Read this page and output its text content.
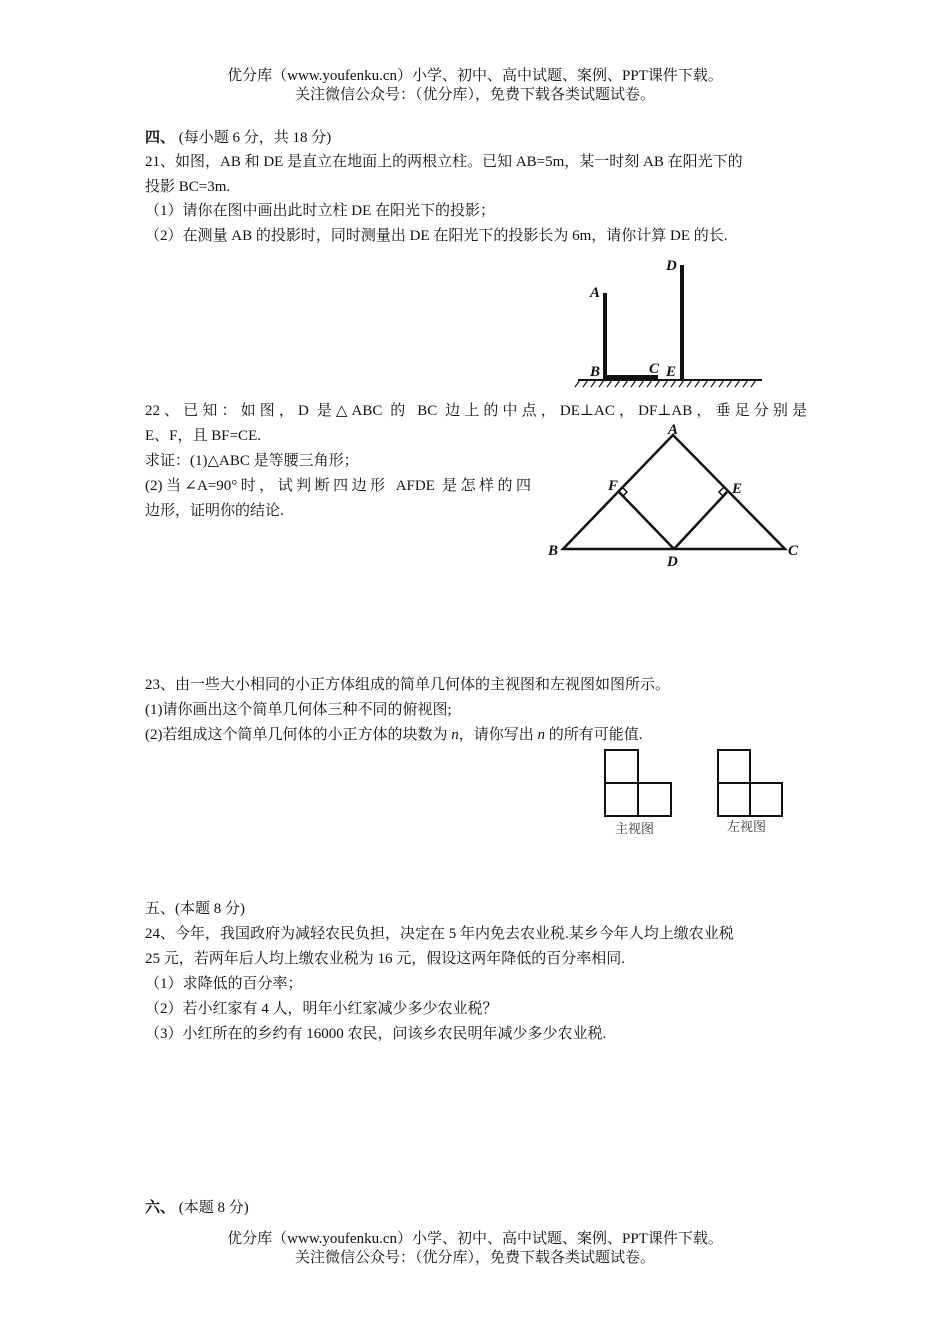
优分库（www.youfenku.cn）小学、初中、高中试题、案例、PPT课件下载。
关注微信公众号：（优分库），免费下载各类试题试卷。
四、 (每小题 6 分，共 18 分)
21、如图，AB 和 DE 是直立在地面上的两根立柱。已知 AB=5m，某一时刻 AB 在阳光下的
投影 BC=3m.
（1）请你在图中画出此时立柱 DE 在阳光下的投影；
（2）在测量 AB 的投影时，同时测量出 DE 在阳光下的投影长为 6m，请你计算 DE 的长.
A
B	C
D
E
22、已知：如图，D 是△ABC 的 BC 边上的中点，DE⊥AC，DF⊥AB，垂足分别是
E、F，且 BF=CE.
求证：(1)△ABC 是等腰三角形；
(2)当∠A=90°时，试判断四边形 AFDE 是怎样的四
边形，证明你的结论.
A
B	C
D
E
F
23、由一些大小相同的小正方体组成的简单几何体的主视图和左视图如图所示。
(1)请你画出这个简单几何体三种不同的俯视图;
(2)若组成这个简单几何体的小正方体的块数为 n，请你写出 n 的所有可能值.
主视图	左视图
五、(本题 8 分)
24、今年，我国政府为减轻农民负担，决定在 5 年内免去农业税.某乡今年人均上缴农业税
25 元，若两年后人均上缴农业税为 16 元，假设这两年降低的百分率相同.
（1）求降低的百分率；
（2）若小红家有 4 人，明年小红家减少多少农业税？
（3）小红所在的乡约有 16000 农民，问该乡农民明年减少多少农业税.
六、 (本题 8 分)
优分库（www.youfenku.cn）小学、初中、高中试题、案例、PPT课件下载。
关注微信公众号：（优分库），免费下载各类试题试卷。
